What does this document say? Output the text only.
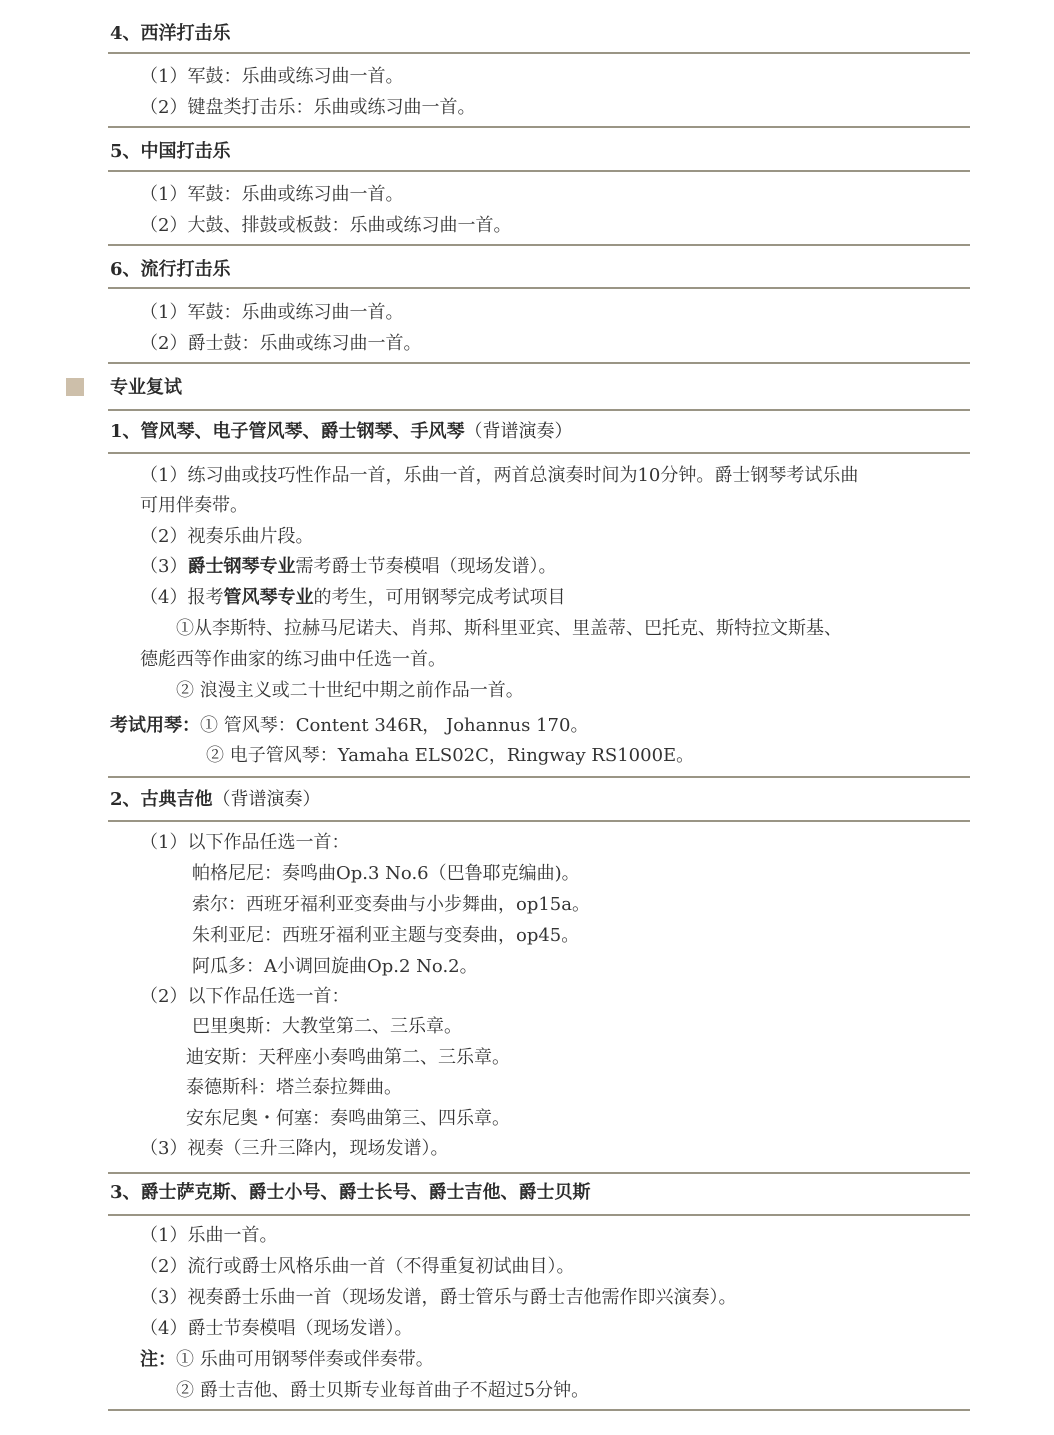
4、西洋打击乐
（1）军鼓：乐曲或练习曲一首。
（2）键盘类打击乐：乐曲或练习曲一首。
5、中国打击乐
（1）军鼓：乐曲或练习曲一首。
（2）大鼓、排鼓或板鼓：乐曲或练习曲一首。
6、流行打击乐
（1）军鼓：乐曲或练习曲一首。
（2）爵士鼓：乐曲或练习曲一首。
专业复试
1、管风琴、电子管风琴、爵士钢琴、手风琴（背谱演奏）
（1）练习曲或技巧性作品一首，乐曲一首，两首总演奏时间为10分钟。爵士钢琴考试乐曲
可用伴奏带。
（2）视奏乐曲片段。
（3）爵士钢琴专业需考爵士节奏模唱（现场发谱）。
（4）报考管风琴专业的考生，可用钢琴完成考试项目
①从李斯特、拉赫马尼诺夫、肖邦、斯科里亚宾、里盖蒂、巴托克、斯特拉文斯基、
德彪西等作曲家的练习曲中任选一首。
② 浪漫主义或二十世纪中期之前作品一首。
考试用琴：① 管风琴：Content 346R， Johannus 170。
② 电子管风琴：Yamaha ELS02C，Ringway RS1000E。
2、古典吉他（背谱演奏）
（1）以下作品任选一首：
帕格尼尼：奏鸣曲Op.3 No.6（巴鲁耶克编曲)。
索尔：西班牙福利亚变奏曲与小步舞曲，op15a。
朱利亚尼：西班牙福利亚主题与变奏曲，op45。
阿瓜多：A小调回旋曲Op.2 No.2。
（2）以下作品任选一首：
巴里奥斯：大教堂第二、三乐章。
迪安斯：天秤座小奏鸣曲第二、三乐章。
泰德斯科：塔兰泰拉舞曲。
安东尼奥・何塞：奏鸣曲第三、四乐章。
（3）视奏（三升三降内，现场发谱）。
3、爵士萨克斯、爵士小号、爵士长号、爵士吉他、爵士贝斯
（1）乐曲一首。
（2）流行或爵士风格乐曲一首（不得重复初试曲目）。
（3）视奏爵士乐曲一首（现场发谱，爵士管乐与爵士吉他需作即兴演奏）。
（4）爵士节奏模唱（现场发谱）。
注：① 乐曲可用钢琴伴奏或伴奏带。
② 爵士吉他、爵士贝斯专业每首曲子不超过5分钟。
